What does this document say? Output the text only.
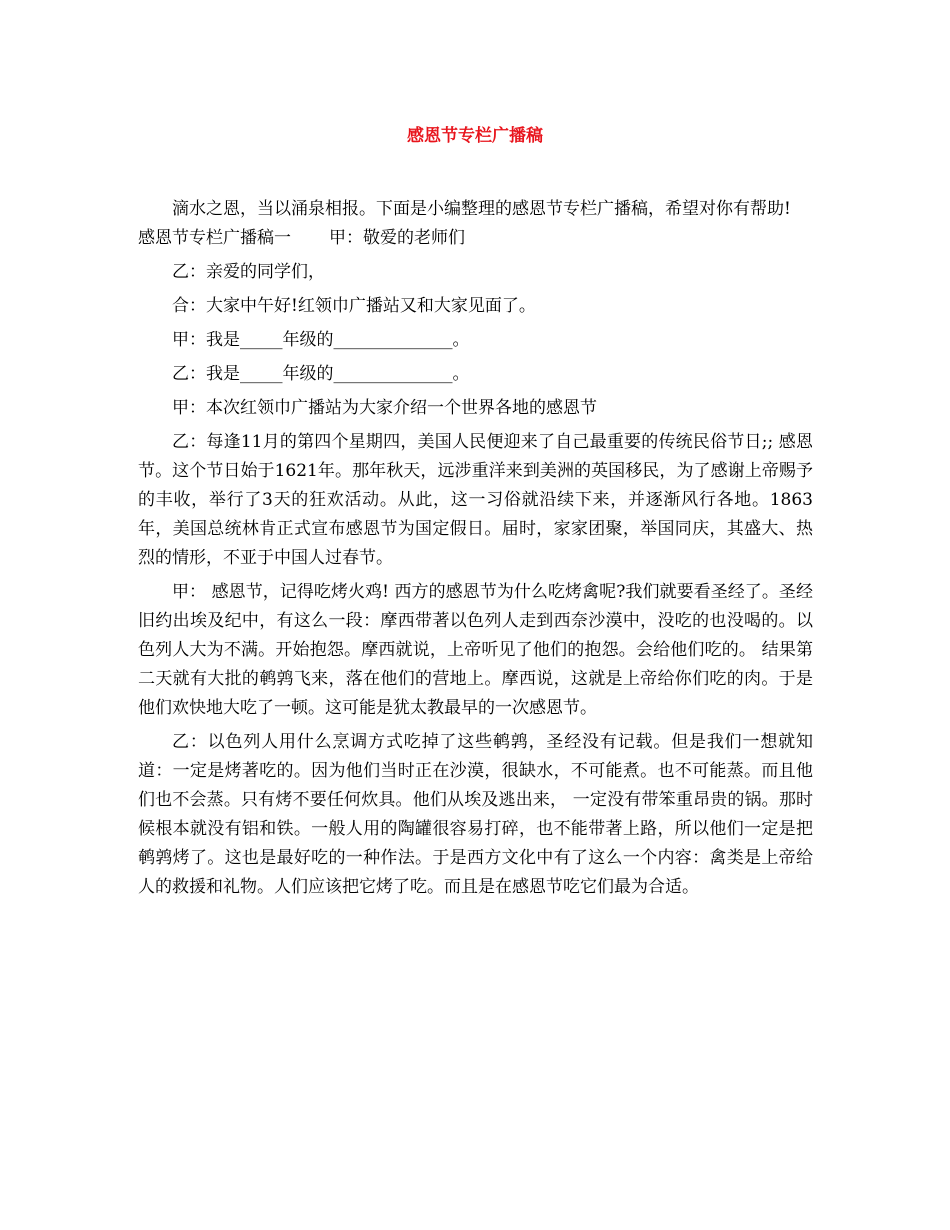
感恩节专栏广播稿

滴水之恩，当以涌泉相报。下面是小编整理的感恩节专栏广播稿，希望对你有帮助!

感恩节专栏广播稿一 甲：敬爱的老师们

乙：亲爱的同学们，

合：大家中午好!红领巾广播站又和大家见面了。

甲：我是_____年级的______________。

乙：我是_____年级的______________。

甲：本次红领巾广播站为大家介绍一个世界各地的感恩节

乙：每逢11月的第四个星期四，美国人民便迎来了自己最重要的传统民俗节日;; 感恩节。这个节日始于1621年。那年秋天，远涉重洋来到美洲的英国移民，为了感谢上帝赐予的丰收，举行了3天的狂欢活动。从此，这一习俗就沿续下来，并逐渐风行各地。1863年，美国总统林肯正式宣布感恩节为国定假日。届时，家家团聚，举国同庆，其盛大、热烈的情形，不亚于中国人过春节。

甲： 感恩节，记得吃烤火鸡! 西方的感恩节为什么吃烤禽呢?我们就要看圣经了。圣经旧约出埃及纪中，有这么一段：摩西带著以色列人走到西奈沙漠中，没吃的也没喝的。以色列人大为不满。开始抱怨。摩西就说，上帝听见了他们的抱怨。会给他们吃的。 结果第二天就有大批的鹌鹑飞来，落在他们的营地上。摩西说，这就是上帝给你们吃的肉。于是他们欢快地大吃了一顿。这可能是犹太教最早的一次感恩节。

乙：以色列人用什么烹调方式吃掉了这些鹌鹑，圣经没有记载。但是我们一想就知道：一定是烤著吃的。因为他们当时正在沙漠，很缺水，不可能煮。也不可能蒸。而且他们也不会蒸。只有烤不要任何炊具。他们从埃及逃出来， 一定没有带笨重昂贵的锅。那时候根本就没有铝和铁。一般人用的陶罐很容易打碎，也不能带著上路，所以他们一定是把鹌鹑烤了。这也是最好吃的一种作法。于是西方文化中有了这么一个内容：禽类是上帝给人的救援和礼物。人们应该把它烤了吃。而且是在感恩节吃它们最为合适。
